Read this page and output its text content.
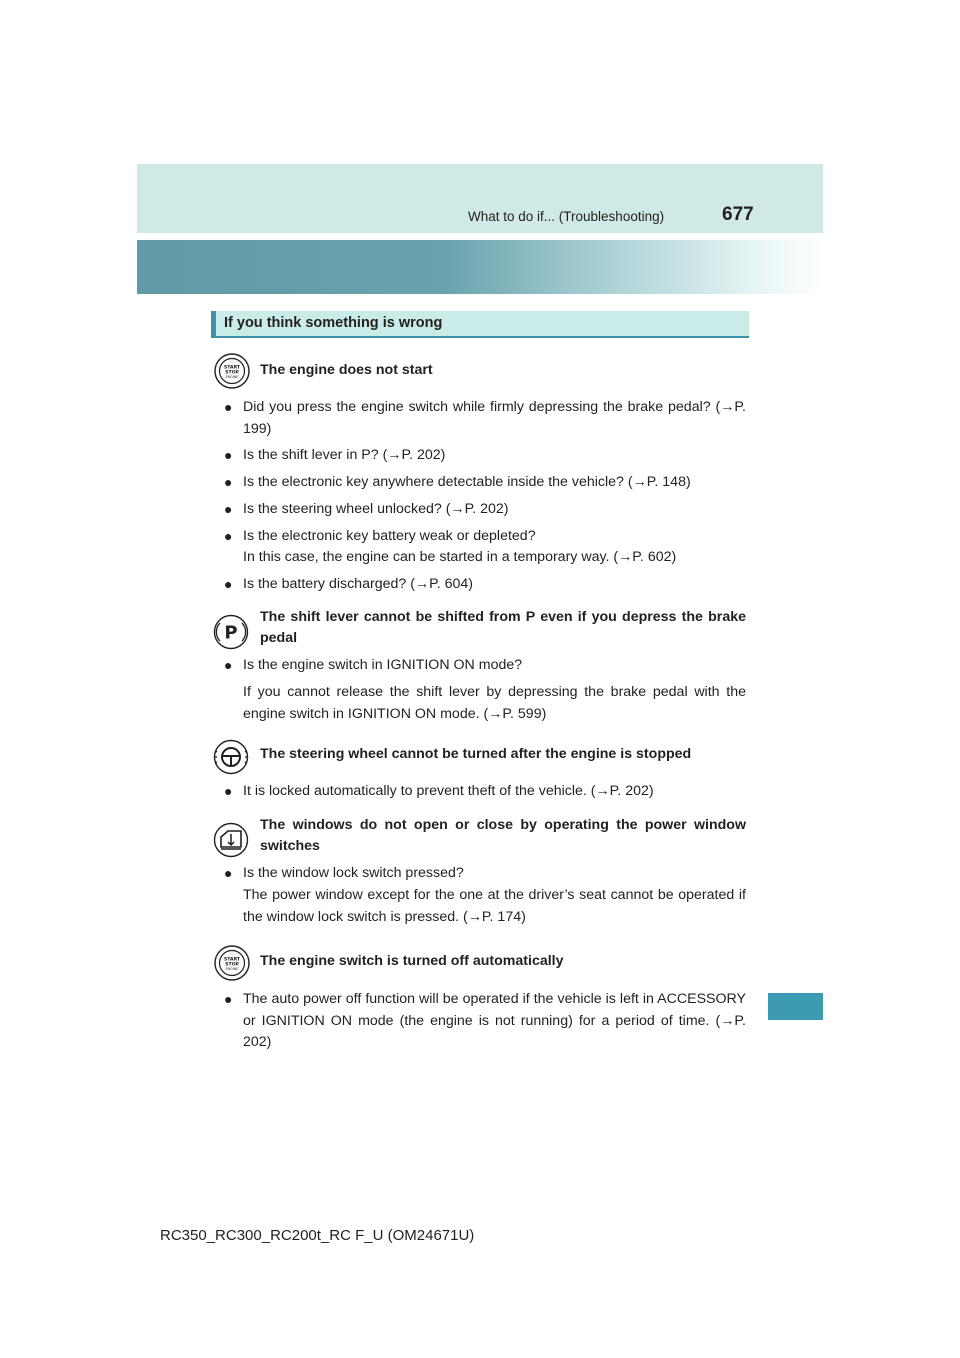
What to do if... (Troubleshooting)	677
If you think something is wrong
START
STOP
ENGINE The engine does not start
● Did you press the engine switch while firmly depressing the brake pedal? (→P. 199)
● Is the shift lever in P? (→P. 202)
● Is the electronic key anywhere detectable inside the vehicle? (→P. 148)
● Is the steering wheel unlocked? (→P. 202)
● Is the electronic key battery weak or depleted?
In this case, the engine can be started in a temporary way. (→P. 602)
● Is the battery discharged? (→P. 604)
P
The shift lever cannot be shifted from P even if you depress the brake pedal
● Is the engine switch in IGNITION ON mode?
If you cannot release the shift lever by depressing the brake pedal with the engine switch in IGNITION ON mode. (→P. 599)
The steering wheel cannot be turned after the engine is stopped
● It is locked automatically to prevent theft of the vehicle. (→P. 202)
The windows do not open or close by operating the power window switches
● Is the window lock switch pressed?
The power window except for the one at the driver’s seat cannot be operated if the window lock switch is pressed. (→P. 174)
START
STOP
ENGINE The engine switch is turned off automatically
● The auto power off function will be operated if the vehicle is left in ACCESSORY or IGNITION ON mode (the engine is not running) for a period of time. (→P. 202)
RC350_RC300_RC200t_RC F_U (OM24671U)
